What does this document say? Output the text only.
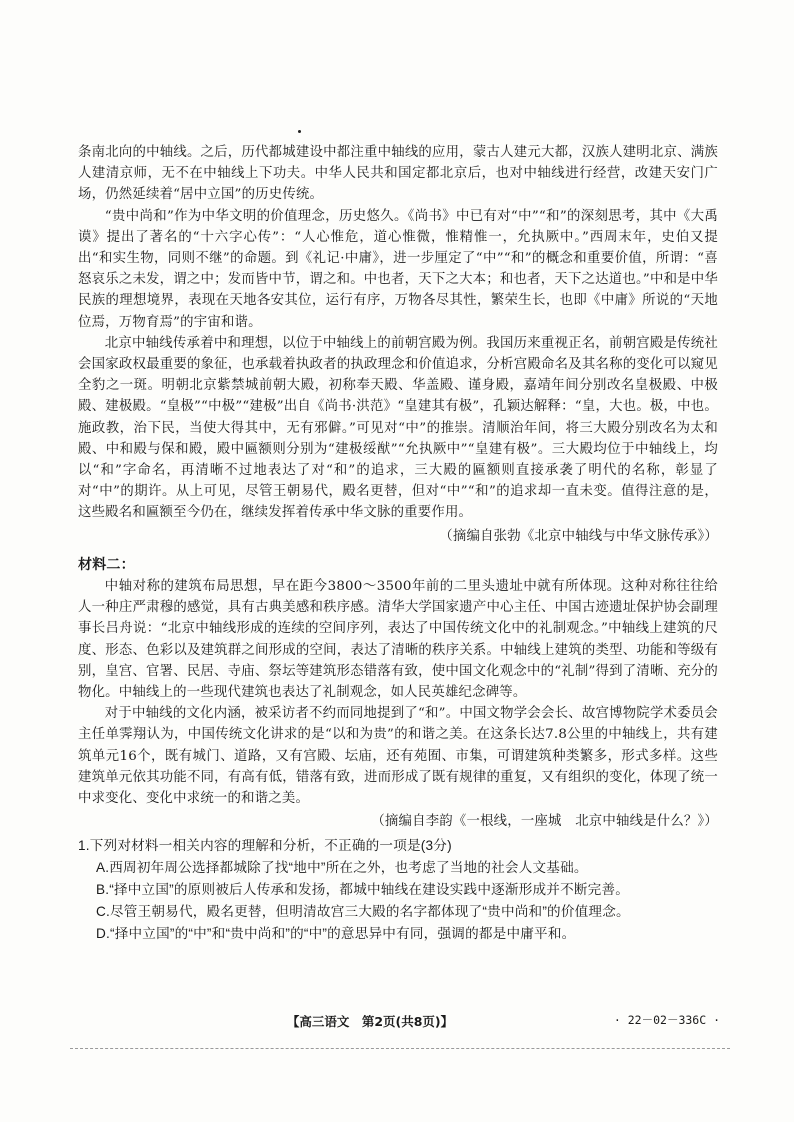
条南北向的中轴线。之后，历代都城建设中都注重中轴线的应用，蒙古人建元大都，汉族人建明北京、满族人建清京师，无不在中轴线上下功夫。中华人民共和国定都北京后，也对中轴线进行经营，改建天安门广场，仍然延续着“居中立国”的历史传统。

“贵中尚和”作为中华文明的价值理念，历史悠久。《尚书》中已有对“中”“和”的深刻思考，其中《大禹谟》提出了著名的“十六字心传”：“人心惟危，道心惟微，惟精惟一，允执厥中。”西周末年，史伯又提出“和实生物，同则不继”的命题。到《礼记·中庸》，进一步厘定了“中”“和”的概念和重要价值，所谓：“喜怒哀乐之未发，谓之中；发而皆中节，谓之和。中也者，天下之大本；和也者，天下之达道也。”中和是中华民族的理想境界，表现在天地各安其位，运行有序，万物各尽其性，繁荣生长，也即《中庸》所说的“天地位焉，万物育焉”的宇宙和谐。

北京中轴线传承着中和理想，以位于中轴线上的前朝宫殿为例。我国历来重视正名，前朝宫殿是传统社会国家政权最重要的象征，也承载着执政者的执政理念和价值追求，分析宫殿命名及其名称的变化可以窥见全豹之一斑。明朝北京紫禁城前朝大殿，初称奉天殿、华盖殿、谨身殿，嘉靖年间分别改名皇极殿、中极殿、建极殿。“皇极”“中极”“建极”出自《尚书·洪范》“皇建其有极”，孔颖达解释：“皇，大也。极，中也。施政教，治下民，当使大得其中，无有邪僻。”可见对“中”的推崇。清顺治年间，将三大殿分别改名为太和殿、中和殿与保和殿，殿中匾额则分别为“建极绥猷”“允执厥中”“皇建有极”。三大殿均位于中轴线上，均以“和”字命名，再清晰不过地表达了对“和”的追求，三大殿的匾额则直接承袭了明代的名称，彰显了对“中”的期许。从上可见，尽管王朝易代，殿名更替，但对“中”“和”的追求却一直未变。值得注意的是，这些殿名和匾额至今仍在，继续发挥着传承中华文脉的重要作用。

（摘编自张勃《北京中轴线与中华文脉传承》）

材料二：

中轴对称的建筑布局思想，早在距今3800～3500年前的二里头遗址中就有所体现。这种对称往往给人一种庄严肃穆的感觉，具有古典美感和秩序感。清华大学国家遗产中心主任、中国古迹遗址保护协会副理事长吕舟说：“北京中轴线形成的连续的空间序列，表达了中国传统文化中的礼制观念。”中轴线上建筑的尺度、形态、色彩以及建筑群之间形成的空间，表达了清晰的秩序关系。中轴线上建筑的类型、功能和等级有别，皇宫、官署、民居、寺庙、祭坛等建筑形态错落有致，使中国文化观念中的“礼制”得到了清晰、充分的物化。中轴线上的一些现代建筑也表达了礼制观念，如人民英雄纪念碑等。

对于中轴线的文化内涵，被采访者不约而同地提到了“和”。中国文物学会会长、故宫博物院学术委员会主任单霁翔认为，中国传统文化讲求的是“以和为贵”的和谐之美。在这条长达7.8公里的中轴线上，共有建筑单元16个，既有城门、道路，又有宫殿、坛庙，还有苑囿、市集，可谓建筑种类繁多，形式多样。这些建筑单元依其功能不同，有高有低，错落有致，进而形成了既有规律的重复，又有组织的变化，体现了统一中求变化、变化中求统一的和谐之美。

（摘编自李韵《一根线，一座城　北京中轴线是什么？》）

1.下列对材料一相关内容的理解和分析，不正确的一项是(3分)

A.西周初年周公选择都城除了找“地中”所在之外，也考虑了当地的社会人文基础。

B.“择中立国”的原则被后人传承和发扬，都城中轴线在建设实践中逐渐形成并不断完善。

C.尽管王朝易代，殿名更替，但明清故宫三大殿的名字都体现了“贵中尚和”的价值理念。

D.“择中立国”的“中”和“贵中尚和”的“中”的意思异中有同，强调的都是中庸平和。

【高三语文　第2页(共8页)】	· 22－02－336C ·
